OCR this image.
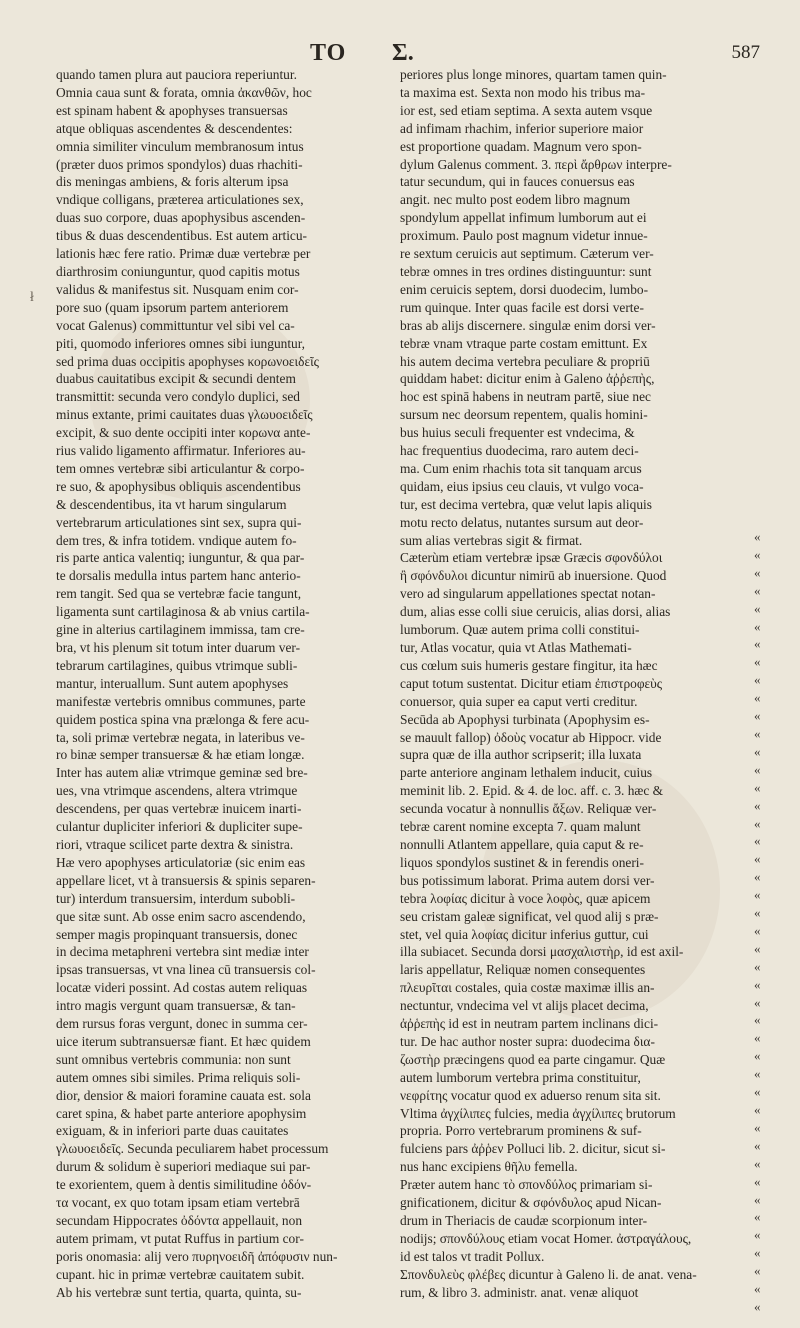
TO Σ.	587
ł
quando tamen plura aut pauciora reperiuntur.
Omnia caua sunt & forata, omnia ἀκανθῶν, hoc
est spinam habent & apophyses transuersas
atque obliquas ascendentes & descendentes:
omnia similiter vinculum membranosum intus
(præter duos primos spondylos) duas rhachiti-
dis meningas ambiens, & foris alterum ipsa
vndique colligans, præterea articulationes sex,
duas suo corpore, duas apophysibus ascenden-
tibus & duas descendentibus. Est autem articu-
lationis hæc fere ratio. Primæ duæ vertebræ per
diarthrosim coniunguntur, quod capitis motus
validus & manifestus sit. Nusquam enim cor-
pore suo (quam ipsorum partem anteriorem
vocat Galenus) committuntur vel sibi vel ca-
piti, quomodo inferiores omnes sibi iunguntur,
sed prima duas occipitis apophyses κορωνοειδεῖς
duabus cauitatibus excipit & secundi dentem
transmittit: secunda vero condylo duplici, sed
minus extante, primi cauitates duas γλωυοειδεῖς
excipit, & suo dente occipiti inter κορωνα ante-
rius valido ligamento affirmatur. Inferiores au-
tem omnes vertebræ sibi articulantur & corpo-
re suo, & apophysibus obliquis ascendentibus
& descendentibus, ita vt harum singularum
vertebrarum articulationes sint sex, supra qui-
dem tres, & infra totidem. vndique autem fo-
ris parte antica valentiq; iunguntur, & qua par-
te dorsalis medulla intus partem hanc anterio-
rem tangit. Sed qua se vertebræ facie tangunt,
ligamenta sunt cartilaginosa & ab vnius cartila-
gine in alterius cartilaginem immissa, tam cre-
bra, vt his plenum sit totum inter duarum ver-
tebrarum cartilagines, quibus vtrimque subli-
mantur, interuallum. Sunt autem apophyses
manifestæ vertebris omnibus communes, parte
quidem postica spina vna prælonga & fere acu-
ta, soli primæ vertebræ negata, in lateribus ve-
ro binæ semper transuersæ & hæ etiam longæ.
Inter has autem aliæ vtrimque geminæ sed bre-
ues, vna vtrimque ascendens, altera vtrimque
descendens, per quas vertebræ inuicem inarti-
culantur dupliciter inferiori & dupliciter supe-
riori, vtraque scilicet parte dextra & sinistra.
Hæ vero apophyses articulatoriæ (sic enim eas
appellare licet, vt à transuersis & spinis separen-
tur) interdum transuersim, interdum subobli-
que sitæ sunt. Ab osse enim sacro ascendendo,
semper magis propinquant transuersis, donec
in decima metaphreni vertebra sint mediæ inter
ipsas transuersas, vt vna linea cū transuersis col-
locatæ videri possint. Ad costas autem reliquas
intro magis vergunt quam transuersæ, & tan-
dem rursus foras vergunt, donec in summa cer-
uice iterum subtransuersæ fiant. Et hæc quidem
sunt omnibus vertebris communia: non sunt
autem omnes sibi similes. Prima reliquis soli-
dior, densior & maiori foramine cauata est. sola
caret spina, & habet parte anteriore apophysim
exiguam, & in inferiori parte duas cauitates
γλωυοειδεῖς. Secunda peculiarem habet processum
durum & solidum è superiori mediaque sui par-
te exorientem, quem à dentis similitudine ὀδόν-
τα vocant, ex quo totam ipsam etiam vertebrā
secundam Hippocrates ὀδόντα appellauit, non
autem primam, vt putat Ruffus in partium cor-
poris onomasia: alij vero πυρηνοειδῆ ἀπόφυσιν nun-
cupant. hic in primæ vertebræ cauitatem subit.
Ab his vertebræ sunt tertia, quarta, quinta, su-
periores plus longe minores, quartam tamen quin-
ta maxima est. Sexta non modo his tribus ma-
ior est, sed etiam septima. A sexta autem vsque
ad infimam rhachim, inferior superiore maior
est proportione quadam. Magnum vero spon-
dylum Galenus comment. 3. περὶ ἄρθρων interpre-
tatur secundum, qui in fauces conuersus eas
angit. nec multo post eodem libro magnum
spondylum appellat infimum lumborum aut ei
proximum. Paulo post magnum videtur innue-
re sextum ceruicis aut septimum. Cæterum ver-
tebræ omnes in tres ordines distinguuntur: sunt
enim ceruicis septem, dorsi duodecim, lumbo-
rum quinque. Inter quas facile est dorsi verte-
bras ab alijs discernere. singulæ enim dorsi ver-
tebræ vnam vtraque parte costam emittunt. Ex
his autem decima vertebra peculiare & propriū
quiddam habet: dicitur enim à Galeno ἀῤῥεπὴς,
hoc est spinā habens in neutram partē, siue nec
sursum nec deorsum repentem, qualis homini-
bus huius seculi frequenter est vndecima, &
hac frequentius duodecima, raro autem deci-
ma. Cum enim rhachis tota sit tanquam arcus
quidam, eius ipsius ceu clauis, vt vulgo voca-
tur, est decima vertebra, quæ velut lapis aliquis
motu recto delatus, nutantes sursum aut deor-
sum alias vertebras sigit & firmat.
Cæterùm etiam vertebræ ipsæ Græcis σφονδύλοι
ἢ σφόνδυλοι dicuntur nimirū ab inuersione. Quod
vero ad singularum appellationes spectat notan-
dum, alias esse colli siue ceruicis, alias dorsi, alias
lumborum. Quæ autem prima colli constitui-
tur, Atlas vocatur, quia vt Atlas Mathemati-
cus cœlum suis humeris gestare fingitur, ita hæc
caput totum sustentat. Dicitur etiam ἐπιστροφεὺς
conuersor, quia super ea caput verti creditur.
Secūda ab Apophysi turbinata (Apophysim es-
se mauult fallop) ὀδοὺς vocatur ab Hippocr. vide
supra quæ de illa author scripserit; illa luxata
parte anteriore anginam lethalem inducit, cuius
meminit lib. 2. Epid. & 4. de loc. aff. c. 3. hæc &
secunda vocatur à nonnullis ἄξων. Reliquæ ver-
tebræ carent nomine excepta 7. quam malunt
nonnulli Atlantem appellare, quia caput & re-
liquos spondylos sustinet & in ferendis oneri-
bus potissimum laborat. Prima autem dorsi ver-
tebra λοφίας dicitur à voce λοφὸς, quæ apicem
seu cristam galeæ significat, vel quod alij s præ-
stet, vel quia λοφίας dicitur inferius guttur, cui
illa subiacet. Secunda dorsi μασχαλιστὴρ, id est axil-
laris appellatur, Reliquæ nomen consequentes
πλευρῖται costales, quia costæ maximæ illis an-
nectuntur, vndecima vel vt alijs placet decima,
ἀῤῥεπὴς id est in neutram partem inclinans dici-
tur. De hac author noster supra: duodecima δια-
ζωστὴρ præcingens quod ea parte cingamur. Quæ
autem lumborum vertebra prima constituitur,
νεφρίτης vocatur quod ex aduerso renum sita sit.
Vltima ἀγχίλιπες fulcies, media ἀγχίλιπες brutorum
propria. Porro vertebrarum prominens & suf-
fulciens pars ἀῤῥεν Polluci lib. 2. dicitur, sicut si-
nus hanc excipiens θῆλυ femella.
Præter autem hanc τὸ σπονδύλος primariam si-
gnificationem, dicitur & σφόνδυλος apud Nican-
drum in Theriacis de caudæ scorpionum inter-
nodijs; σπονδύλους etiam vocat Homer. ἀστραγάλους,
id est talos vt tradit Pollux.
Σπονδυλεὺς φλέβες dicuntur à Galeno li. de anat. vena-
rum, & libro 3. administr. anat. venæ aliquot
«
«
«
«
«
«
«
«
«
«
«
«
«
«
«
«
«
«
«
«
«
«
«
«
«
«
«
«
«
«
«
«
«
«
«
«
«
«
«
«
«
«
«
«
